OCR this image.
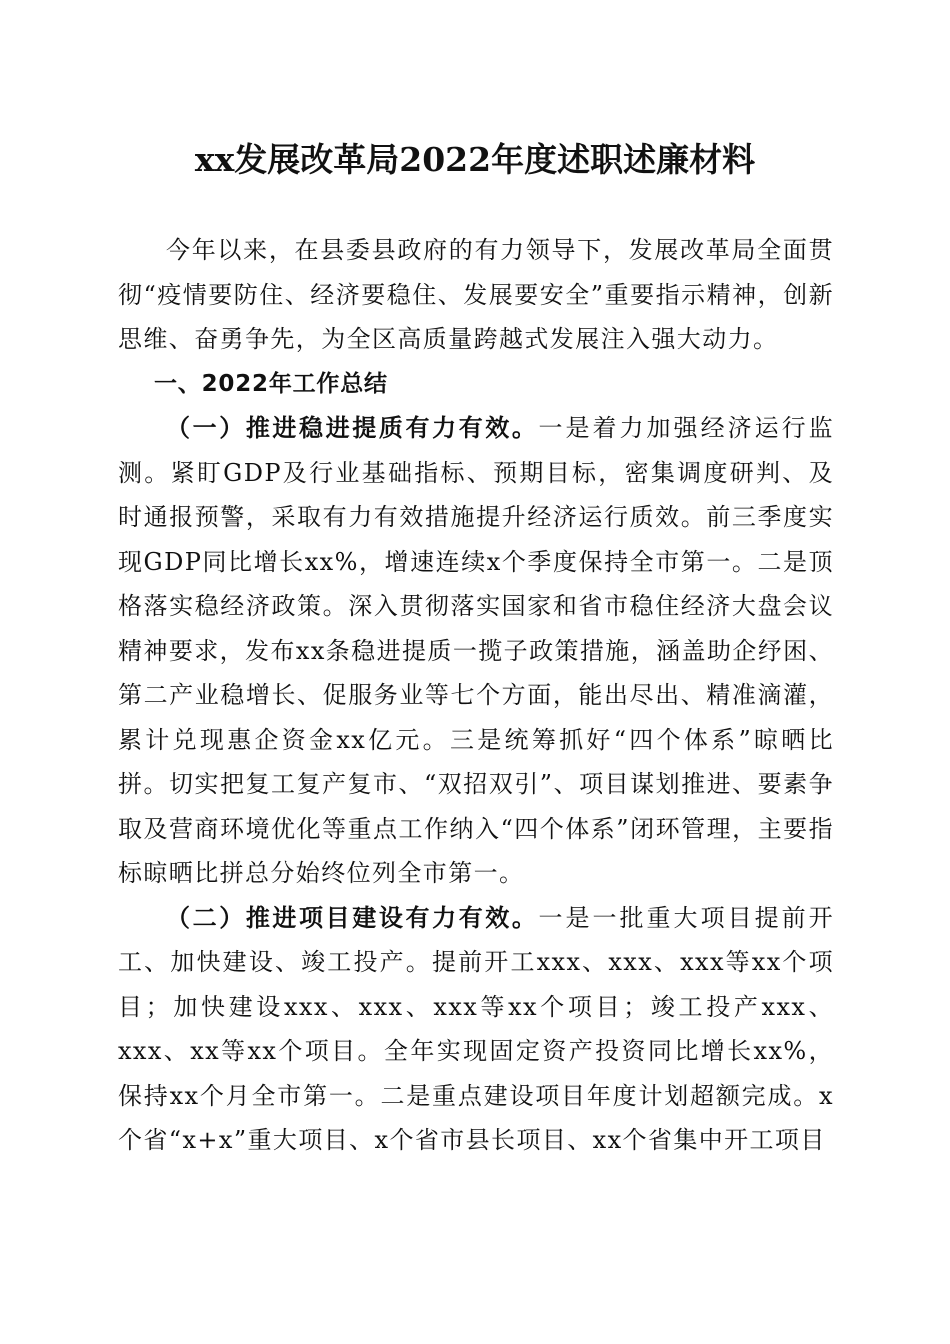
xx发展改革局2022年度述职述廉材料

今年以来，在县委县政府的有力领导下，发展改革局全面贯彻“疫情要防住、经济要稳住、发展要安全”重要指示精神，创新思维、奋勇争先，为全区高质量跨越式发展注入强大动力。

一、2022年工作总结

（一）推进稳进提质有力有效。一是着力加强经济运行监测。紧盯GDP及行业基础指标、预期目标，密集调度研判、及时通报预警，采取有力有效措施提升经济运行质效。前三季度实现GDP同比增长xx%，增速连续x个季度保持全市第一。二是顶格落实稳经济政策。深入贯彻落实国家和省市稳住经济大盘会议精神要求，发布xx条稳进提质一揽子政策措施，涵盖助企纾困、第二产业稳增长、促服务业等七个方面，能出尽出、精准滴灌，累计兑现惠企资金xx亿元。三是统筹抓好“四个体系”晾晒比拼。切实把复工复产复市、“双招双引”、项目谋划推进、要素争取及营商环境优化等重点工作纳入“四个体系”闭环管理，主要指标晾晒比拼总分始终位列全市第一。

（二）推进项目建设有力有效。一是一批重大项目提前开工、加快建设、竣工投产。提前开工xxx、xxx、xxx等xx个项目；加快建设xxx、xxx、xxx等xx个项目；竣工投产xxx、xxx、xx等xx个项目。全年实现固定资产投资同比增长xx%，保持xx个月全市第一。二是重点建设项目年度计划超额完成。x个省“x+x”重大项目、x个省市县长项目、xx个省集中开工项目
